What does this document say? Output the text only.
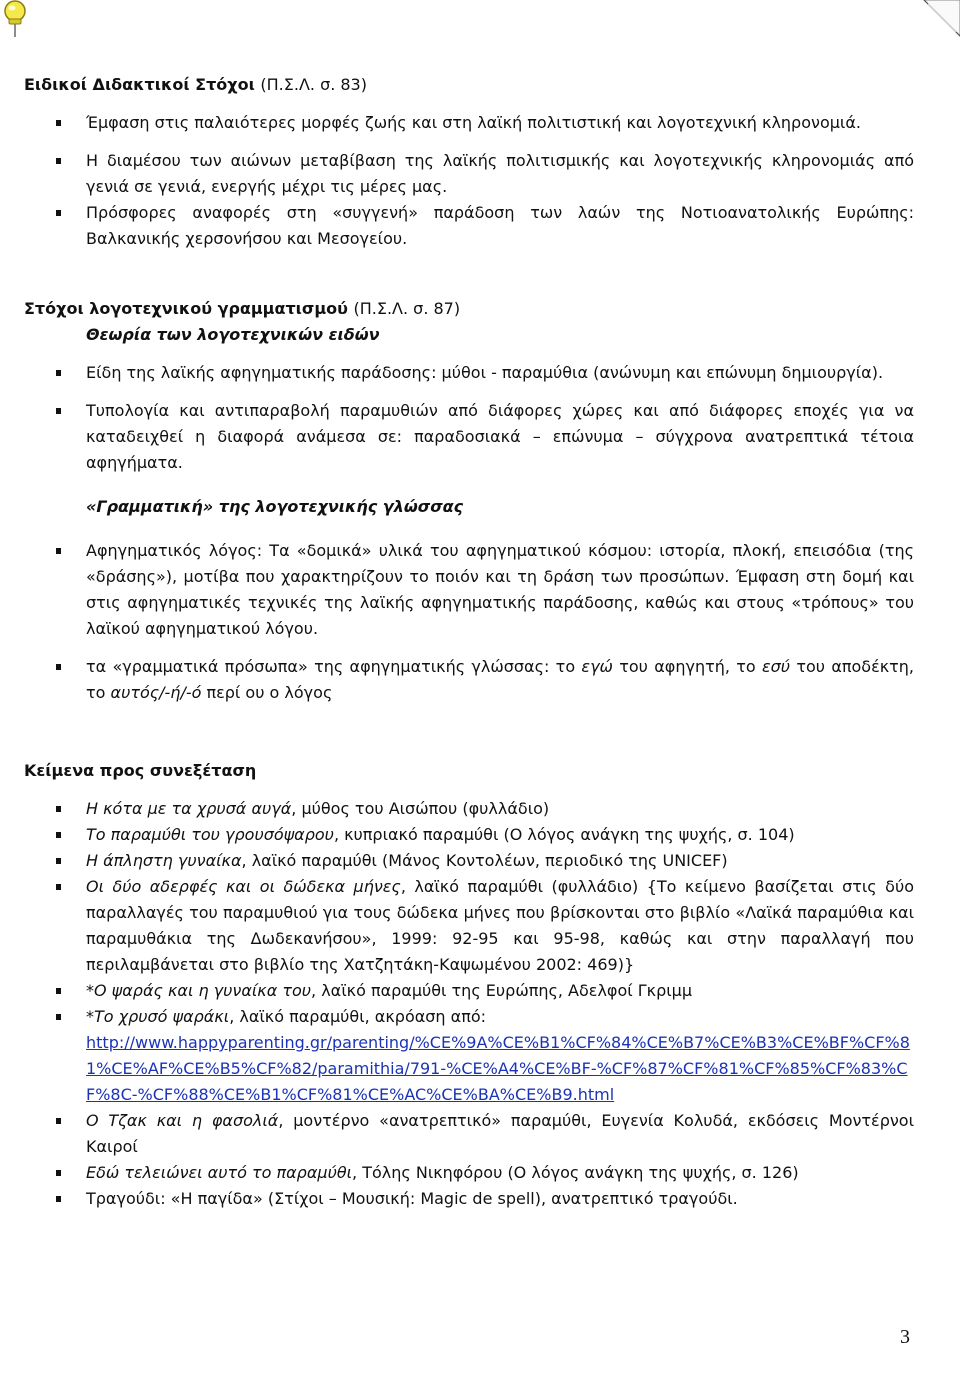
Ειδικοί Διδακτικοί Στόχοι (Π.Σ.Λ. σ. 83)

Έμφαση στις παλαιότερες μορφές ζωής και στη λαϊκή πολιτιστική και λογοτεχνική κληρονομιά.
Η διαμέσου των αιώνων μεταβίβαση της λαϊκής πολιτισμικής και λογοτεχνικής κληρονομιάς από γενιά σε γενιά, ενεργής μέχρι τις μέρες μας.
Πρόσφορες αναφορές στη «συγγενή» παράδοση των λαών της Νοτιοανατολικής Ευρώπης: Βαλκανικής χερσονήσου και Μεσογείου.

Στόχοι λογοτεχνικού γραμματισμού (Π.Σ.Λ. σ. 87)

Θεωρία των λογοτεχνικών ειδών

Είδη της λαϊκής αφηγηματικής παράδοσης: μύθοι - παραμύθια (ανώνυμη και επώνυμη δημιουργία).
Τυπολογία και αντιπαραβολή παραμυθιών από διάφορες χώρες και από διάφορες εποχές για να καταδειχθεί η διαφορά ανάμεσα σε: παραδοσιακά – επώνυμα – σύγχρονα ανατρεπτικά τέτοια αφηγήματα.

«Γραμματική» της λογοτεχνικής γλώσσας

Αφηγηματικός λόγος: Τα «δομικά» υλικά του αφηγηματικού κόσμου: ιστορία, πλοκή, επεισόδια (της «δράσης»), μοτίβα που χαρακτηρίζουν το ποιόν και τη δράση των προσώπων. Έμφαση στη δομή και στις αφηγηματικές τεχνικές της λαϊκής αφηγηματικής παράδοσης, καθώς και στους «τρόπους» του λαϊκού αφηγηματικού λόγου.
τα «γραμματικά πρόσωπα» της αφηγηματικής γλώσσας: το εγώ του αφηγητή, το εσύ του αποδέκτη, το αυτός/-ή/-ό περί ου ο λόγος

Κείμενα προς συνεξέταση

Η κότα με τα χρυσά αυγά, μύθος του Αισώπου (φυλλάδιο)
Το παραμύθι του γρουσόψαρου, κυπριακό παραμύθι (Ο λόγος ανάγκη της ψυχής, σ. 104)
Η άπληστη γυναίκα, λαϊκό παραμύθι (Μάνος Κοντολέων, περιοδικό της UNICEF)
Οι δύο αδερφές και οι δώδεκα μήνες, λαϊκό παραμύθι (φυλλάδιο) {Το κείμενο βασίζεται στις δύο παραλλαγές του παραμυθιού για τους δώδεκα μήνες που βρίσκονται στο βιβλίο «Λαϊκά παραμύθια και παραμυθάκια της Δωδεκανήσου», 1999: 92-95 και 95-98, καθώς και στην παραλλαγή που περιλαμβάνεται στο βιβλίο της Χατζητάκη-Καψωμένου 2002: 469)}
*Ο ψαράς και η γυναίκα του, λαϊκό παραμύθι της Ευρώπης, Αδελφοί Γκριμμ
*Το χρυσό ψαράκι, λαϊκό παραμύθι, ακρόαση από:
http://www.happyparenting.gr/parenting/%CE%9A%CE%B1%CF%84%CE%B7%CE%B3%CE%BF%CF%81%CE%AF%CE%B5%CF%82/paramithia/791-%CE%A4%CE%BF-%CF%87%CF%81%CF%85%CF%83%CF%8C-%CF%88%CE%B1%CF%81%CE%AC%CE%BA%CE%B9.html
Ο Τζακ και η φασολιά, μοντέρνο «ανατρεπτικό» παραμύθι, Ευγενία Κολυδά, εκδόσεις Μοντέρνοι Καιροί
Εδώ τελειώνει αυτό το παραμύθι, Τόλης Νικηφόρου (Ο λόγος ανάγκη της ψυχής, σ. 126)
Τραγούδι: «Η παγίδα» (Στίχοι – Μουσική: Magic de spell), ανατρεπτικό τραγούδι.
3
